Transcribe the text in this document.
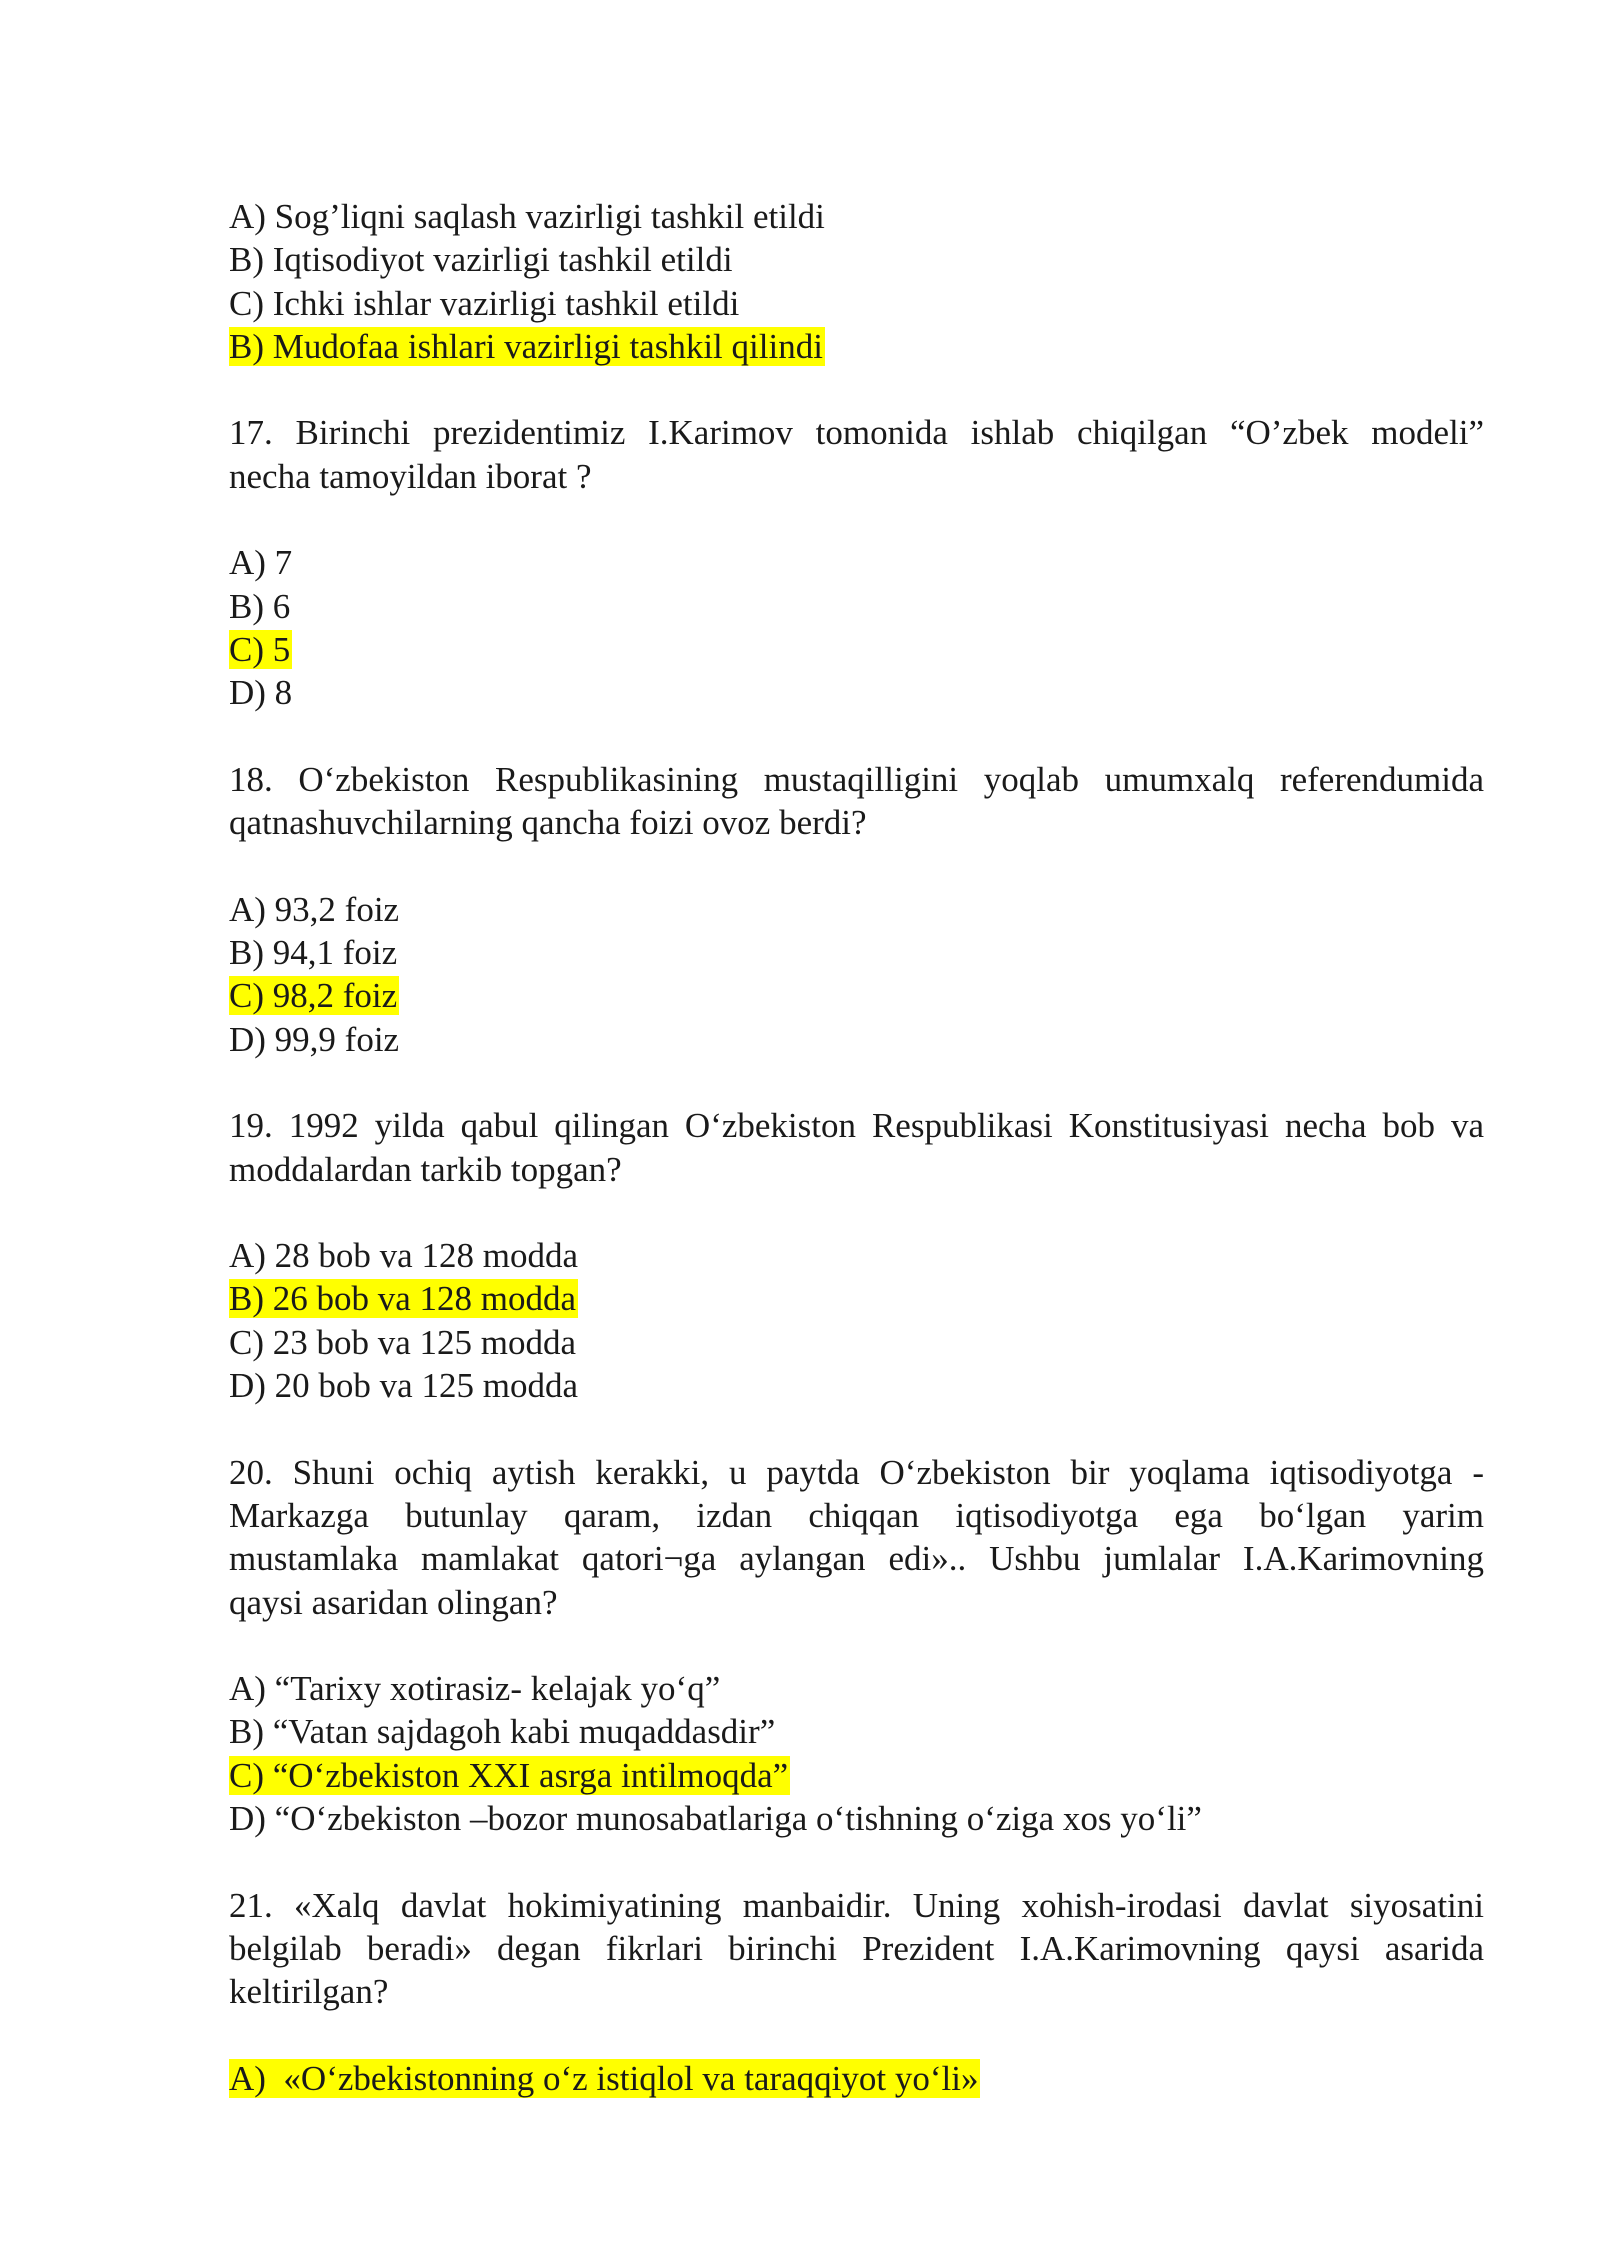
A) Sog’liqni saqlash vazirligi tashkil etildi
B) Iqtisodiyot vazirligi tashkil etildi
C) Ichki ishlar vazirligi tashkil etildi
B) Mudofaa ishlari vazirligi tashkil qilindi
17. Birinchi prezidentimiz I.Karimov tomonida ishlab chiqilgan “O’zbek modeli”
necha tamoyildan iborat ?
A) 7
B) 6
C) 5
D) 8
18. O‘zbekiston Respublikasining mustaqilligini yoqlab umumxalq referendumida
qatnashuvchilarning qancha foizi ovoz berdi?
A) 93,2 foiz
B) 94,1 foiz
C) 98,2 foiz
D) 99,9 foiz
19. 1992 yilda qabul qilingan O‘zbekiston Respublikasi Konstitusiyasi necha bob va
moddalardan tarkib topgan?
A) 28 bob va 128 modda
B) 26 bob va 128 modda
C) 23 bob va 125 modda
D) 20 bob va 125 modda
20. Shuni ochiq aytish kerakki, u paytda O‘zbekiston bir yoqlama iqtisodiyotga -
Markazga butunlay qaram, izdan chiqqan iqtisodiyotga ega bo‘lgan yarim
mustamlaka mamlakat qatori¬ga aylangan edi».. Ushbu jumlalar I.A.Karimovning
qaysi asaridan olingan?
A) “Tarixy xotirasiz- kelajak yo‘q”
B) “Vatan sajdagoh kabi muqaddasdir”
C) “O‘zbekiston XXI asrga intilmoqda”
D) “O‘zbekiston –bozor munosabatlariga o‘tishning o‘ziga xos yo‘li”
21. «Xalq davlat hokimiyatining manbaidir. Uning xohish-irodasi davlat siyosatini
belgilab beradi» degan fikrlari birinchi Prezident I.A.Karimovning qaysi asarida
keltirilgan?
A)  «O‘zbekistonning o‘z istiqlol va taraqqiyot yo‘li»
